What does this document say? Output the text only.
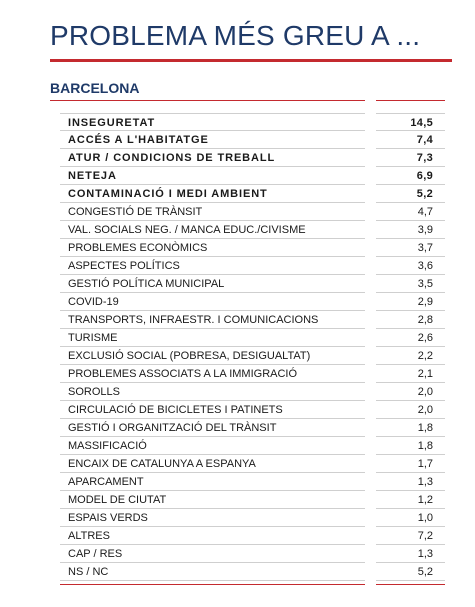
PROBLEMA MÉS GREU A ...
BARCELONA
INSEGURETAT	14,5
ACCÉS A L'HABITATGE	7,4
ATUR / CONDICIONS DE TREBALL	7,3
NETEJA	6,9
CONTAMINACIÓ I MEDI AMBIENT	5,2
CONGESTIÓ DE TRÀNSIT	4,7
VAL. SOCIALS NEG. / MANCA EDUC./CIVISME	3,9
PROBLEMES ECONÒMICS	3,7
ASPECTES POLÍTICS	3,6
GESTIÓ POLÍTICA MUNICIPAL	3,5
COVID-19	2,9
TRANSPORTS, INFRAESTR. I COMUNICACIONS	2,8
TURISME	2,6
EXCLUSIÓ SOCIAL (POBRESA, DESIGUALTAT)	2,2
PROBLEMES ASSOCIATS A LA IMMIGRACIÓ	2,1
SOROLLS	2,0
CIRCULACIÓ DE BICICLETES I PATINETS	2,0
GESTIÓ I ORGANITZACIÓ DEL TRÀNSIT	1,8
MASSIFICACIÓ	1,8
ENCAIX DE CATALUNYA A ESPANYA	1,7
APARCAMENT	1,3
MODEL DE CIUTAT	1,2
ESPAIS VERDS	1,0
ALTRES	7,2
CAP / RES	1,3
NS / NC	5,2
